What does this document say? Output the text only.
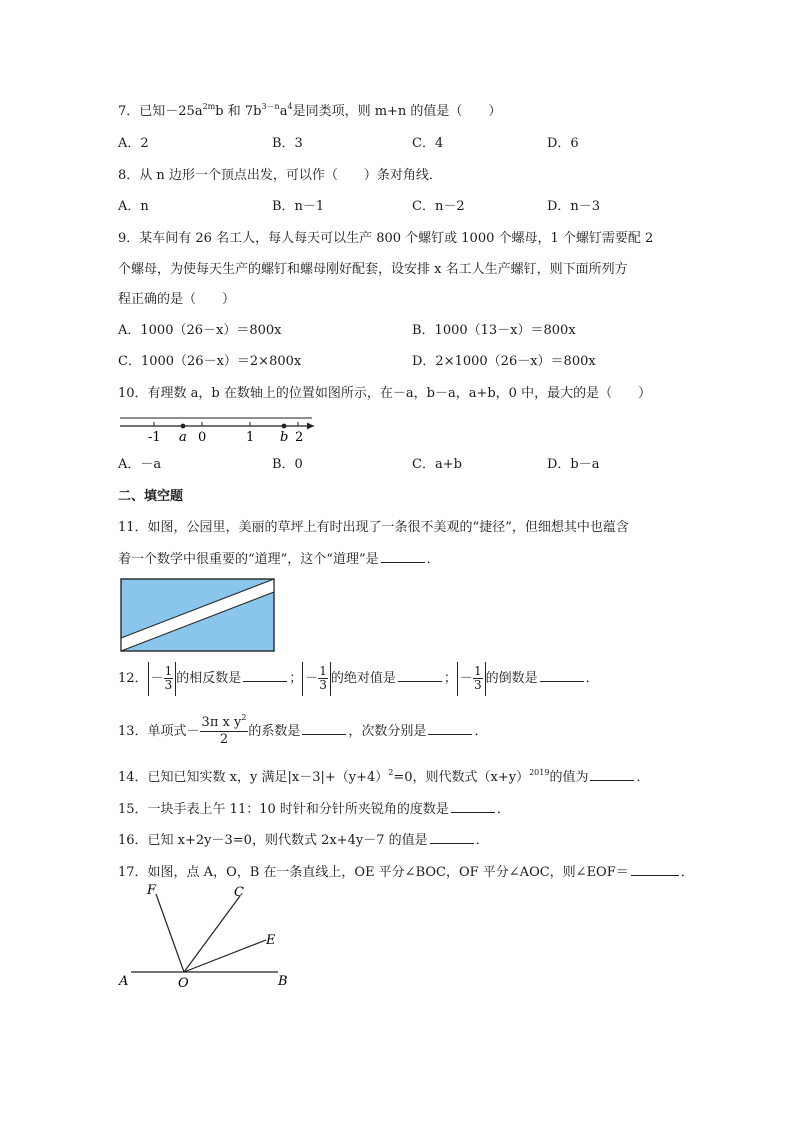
7．已知$-25a^{2m}b$ 和 $7b^{3-n}a^4$是同类项，则 m+n 的值是（　　）
A．2	B．3	C．4	D．6
8．从 n 边形一个顶点出发，可以作（　　）条对角线．
A．n	B．n－1	C．n－2	D．n－3
9．某车间有 26 名工人，每人每天可以生产 800 个螺钉或 1000 个螺母，1 个螺钉需要配 2
个螺母，为使每天生产的螺钉和螺母刚好配套，设安排 x 名工人生产螺钉，则下面所列方
程正确的是（　　）
A．1000（26－x）＝800x	B．1000（13－x）＝800x
C．1000（26－x）＝2×800x	D．2×1000（26－x）＝800x
10．有理数 a，b 在数轴上的位置如图所示，在－a，b－a，a+b，0 中，最大的是（　　）
-1 a 0	1 b 2
A．－a	B．0	C．a+b	D．b－a
二、填空题
11．如图，公园里，美丽的草坪上有时出现了一条很不美观的“捷径”，但细想其中也蕴含
着一个数学中很重要的“道理”，这个“道理”是	．
12． － $\frac{1}{3}$ 的相反数是	； － $\frac{1}{3}$ 的绝对值是	； － $\frac{1}{3}$ 的倒数是	．
13．单项式－ $\frac{3\pi x y^2}{2}$ 的系数是	，次数分别是	．
14．已知已知实数 x，y 满足$|x-3|+(y+4)^2=0$，则代数式$(x+y)^{2019}$的值为	．
15．一块手表上午 11：10 时针和分针所夹锐角的度数是	．
16．已知 x+2y－3=0，则代数式 2x+4y－7 的值是	．
17．如图，点 A，O，B 在一条直线上，OE 平分∠BOC，OF 平分∠AOC，则∠EOF＝	．
F	C
E
A	O	B
